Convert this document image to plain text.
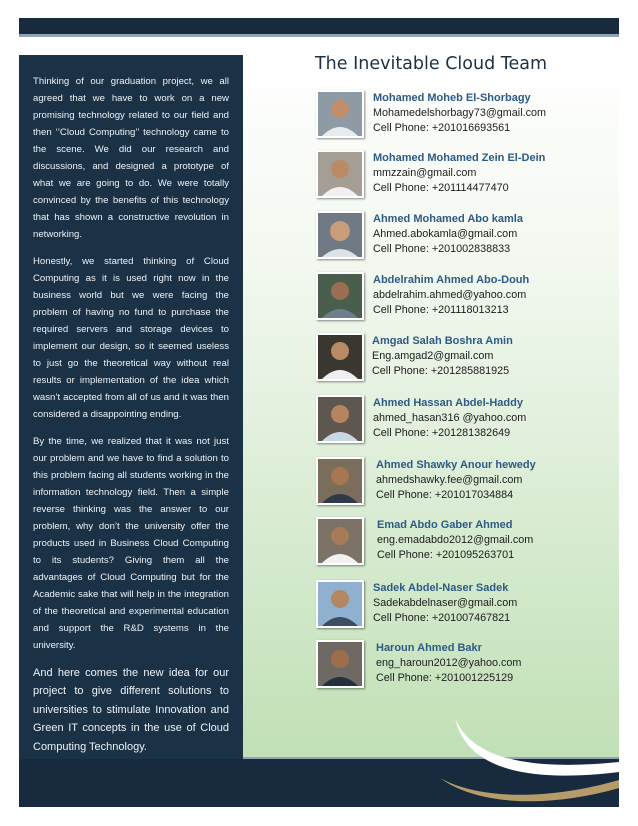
Thinking of our graduation project, we all agreed that we have to work on a new promising technology related to our field and then ‘’Cloud Computing’’ technology came to the scene. We did our research and discussions, and designed a prototype of what we are going to do. We were totally convinced by the benefits of this technology that has shown a constructive revolution in networking.

Honestly, we started thinking of Cloud Computing as it is used right now in the business world but we were facing the problem of having no fund to purchase the required servers and storage devices to implement our design, so it seemed useless to just go the theoretical way without real results or implementation of the idea which wasn’t accepted from all of us and it was then considered a disappointing ending.

By the time, we realized that it was not just our problem and we have to find a solution to this problem facing all students working in the information technology field. Then a simple reverse thinking was the answer to our problem, why don’t the university offer the products used in Business Cloud Computing to its students? Giving them all the advantages of Cloud Computing but for the Academic sake that will help in the integration of the theoretical and experimental education and support the R&D systems in the university.

And here comes the new idea for our project to give different solutions to universities to stimulate Innovation and Green IT concepts in the use of Cloud Computing Technology.

The Inevitable Cloud Team
Mohamed Moheb El-Shorbagy
Mohamedelshorbagy73@gmail.com
Cell Phone: +201016693561
Mohamed Mohamed Zein El-Dein
mmzzain@gmail.com
Cell Phone: +201114477470
Ahmed Mohamed Abo kamla
Ahmed.abokamla@gmail.com
Cell Phone: +201002838833
Abdelrahim Ahmed Abo-Douh
abdelrahim.ahmed@yahoo.com
Cell Phone: +201118013213
Amgad Salah Boshra Amin
Eng.amgad2@gmail.com
Cell Phone: +201285881925
Ahmed Hassan Abdel-Haddy
ahmed_hasan316 @yahoo.com
Cell Phone: +201281382649
Ahmed Shawky Anour hewedy
ahmedshawky.fee@gmail.com
Cell Phone: +201017034884
Emad Abdo Gaber Ahmed
eng.emadabdo2012@gmail.com
Cell Phone: +201095263701
Sadek Abdel-Naser Sadek
Sadekabdelnaser@gmail.com
Cell Phone: +201007467821
Haroun Ahmed Bakr
eng_haroun2012@yahoo.com
Cell Phone: +201001225129
